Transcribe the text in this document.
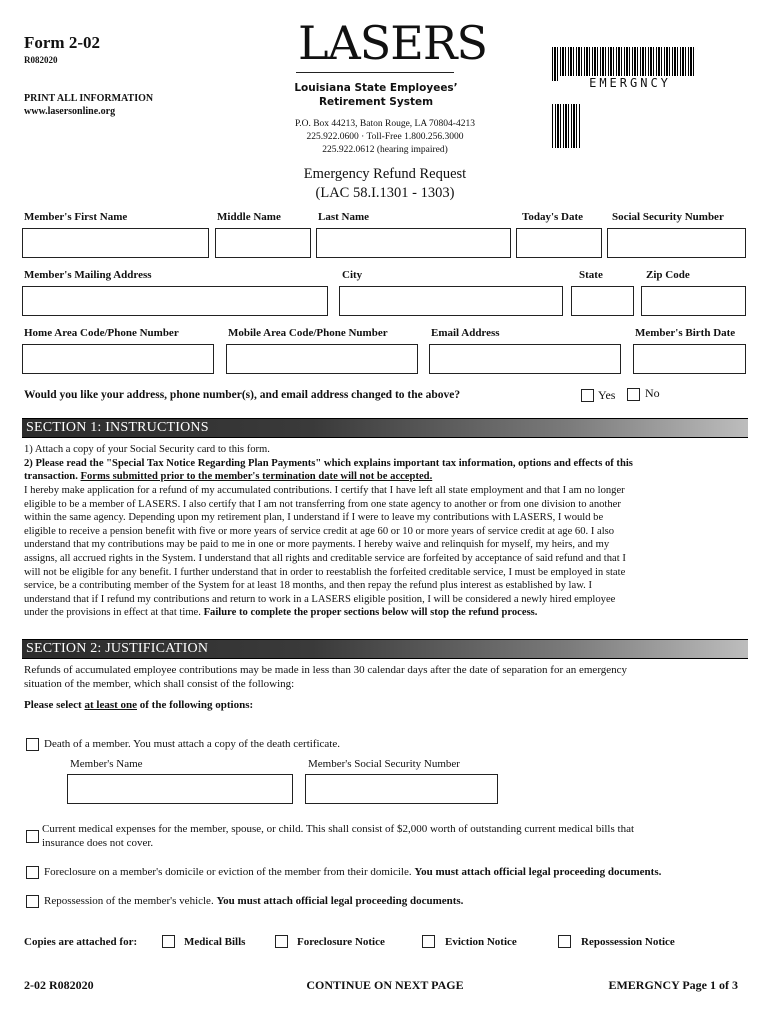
Form 2-02
R082020
PRINT ALL INFORMATION
www.lasersonline.org
LASERS
Louisiana State Employees’
Retirement System
P.O. Box 44213, Baton Rouge, LA 70804-4213
225.922.0600 · Toll-Free 1.800.256.3000
225.922.0612 (hearing impaired)
EMERGNCY
Emergency Refund Request
(LAC 58.I.1301 - 1303)
Member's First Name	Middle Name	Last Name	Today's Date	Social Security Number
Member's Mailing Address	City	State	Zip Code
Home Area Code/Phone Number	Mobile Area Code/Phone Number	Email Address	Member's Birth Date
Would you like your address, phone number(s), and email address changed to the above?	Yes No
SECTION 1: INSTRUCTIONS
1) Attach a copy of your Social Security card to this form.
2) Please read the "Special Tax Notice Regarding Plan Payments" which explains important tax information, options and effects of this
transaction. Forms submitted prior to the member's termination date will not be accepted.
I hereby make application for a refund of my accumulated contributions. I certify that I have left all state employment and that I am no longer
eligible to be a member of LASERS. I also certify that I am not transferring from one state agency to another or from one division to another
within the same agency. Depending upon my retirement plan, I understand if I were to leave my contributions with LASERS, I would be
eligible to receive a pension benefit with five or more years of service credit at age 60 or 10 or more years of service credit at age 60. I also
understand that my contributions may be paid to me in one or more payments. I hereby waive and relinquish for myself, my heirs, and my
assigns, all accrued rights in the System. I understand that all rights and creditable service are forfeited by acceptance of said refund and that I
will not be eligible for any benefit. I further understand that in order to reestablish the forfeited creditable service, I must be employed in state
service, be a contributing member of the System for at least 18 months, and then repay the refund plus interest as established by law. I
understand that if I refund my contributions and return to work in a LASERS eligible position, I will be considered a newly hired employee
under the provisions in effect at that time. Failure to complete the proper sections below will stop the refund process.
SECTION 2: JUSTIFICATION
Refunds of accumulated employee contributions may be made in less than 30 calendar days after the date of separation for an emergency
situation of the member, which shall consist of the following:
Please select at least one of the following options:
Death of a member. You must attach a copy of the death certificate.
Member's Name	Member's Social Security Number
Current medical expenses for the member, spouse, or child. This shall consist of $2,000 worth of outstanding current medical bills that
insurance does not cover.
Foreclosure on a member's domicile or eviction of the member from their domicile. You must attach official legal proceeding documents.
Repossession of the member's vehicle. You must attach official legal proceeding documents.
Copies are attached for:	Medical Bills	Foreclosure Notice	Eviction Notice	Repossession Notice
2-02 R082020	CONTINUE ON NEXT PAGE	EMERGNCY Page 1 of 3
